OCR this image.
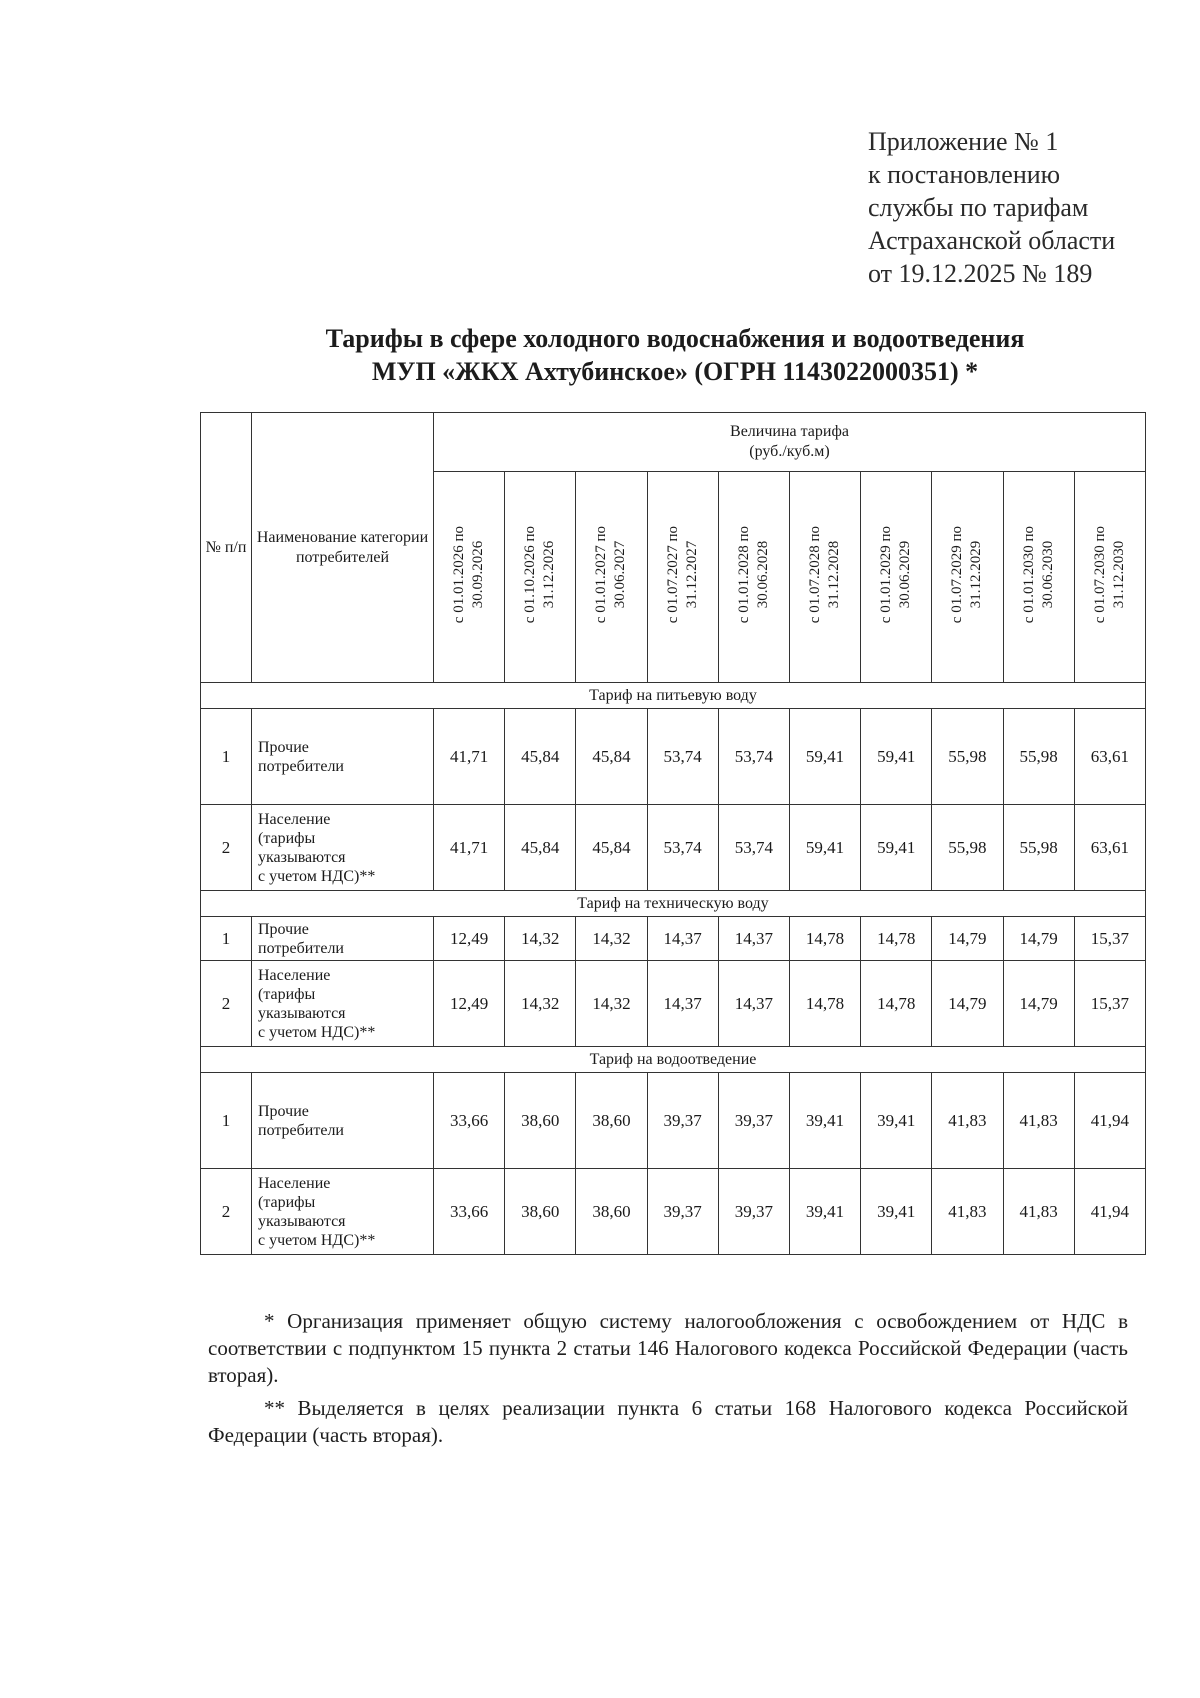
Приложение № 1
к постановлению
службы по тарифам
Астраханской области
от 19.12.2025 № 189
Тарифы в сфере холодного водоснабжения и водоотведения
МУП «ЖКХ Ахтубинское» (ОГРН 1143022000351) *
№ п/п	Наименование категории потребителей	Величина тарифа
(руб./куб.м)									

		с 01.01.2026 по 30.09.2026	с 01.10.2026 по 31.12.2026	с 01.01.2027 по 30.06.2027	с 01.07.2027 по 31.12.2027	с 01.01.2028 по 30.06.2028	с 01.07.2028 по 31.12.2028	с 01.01.2029 по 30.06.2029	с 01.07.2029 по 31.12.2029	с 01.01.2030 по 30.06.2030	с 01.07.2030 по 31.12.2030
Тариф на питьевую воду											
1	Прочие
потребители	41,71	45,84	45,84	53,74	53,74	59,41	59,41	55,98	55,98	63,61
2	Население
(тарифы
указываются
с учетом НДС)**	41,71	45,84	45,84	53,74	53,74	59,41	59,41	55,98	55,98	63,61
Тариф на техническую воду											
1	Прочие
потребители	12,49	14,32	14,32	14,37	14,37	14,78	14,78	14,79	14,79	15,37
2	Население
(тарифы
указываются
с учетом НДС)**	12,49	14,32	14,32	14,37	14,37	14,78	14,78	14,79	14,79	15,37
Тариф на водоотведение											
1	Прочие
потребители	33,66	38,60	38,60	39,37	39,37	39,41	39,41	41,83	41,83	41,94
2	Население
(тарифы
указываются
с учетом НДС)**	33,66	38,60	38,60	39,37	39,37	39,41	39,41	41,83	41,83	41,94

* Организация применяет общую систему налогообложения с освобождением от НДС в соответствии с подпунктом 15 пункта 2 статьи 146 Налогового кодекса Российской Федерации (часть вторая).

** Выделяется в целях реализации пункта 6 статьи 168 Налогового кодекса Российской Федерации (часть вторая).
